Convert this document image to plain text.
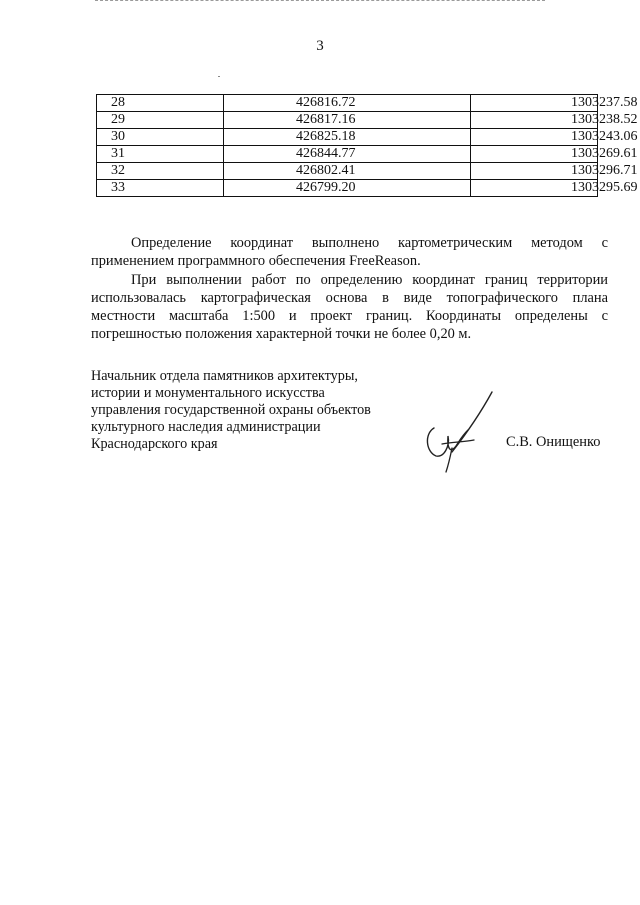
3
28	426816.72	1303237.58
29	426817.16	1303238.52
30	426825.18	1303243.06
31	426844.77	1303269.61
32	426802.41	1303296.71
33	426799.20	1303295.69

Определение координат выполнено картометрическим методом с применением программного обеспечения FreeReason.

При выполнении работ по определению координат границ территории использовалась картографическая основа в виде топографического плана местности масштаба 1:500 и проект границ. Координаты определены с погрешностью положения характерной точки не более 0,20 м.

Начальник отдела памятников архитектуры,
истории и монументального искусства
управления государственной охраны объектов
культурного наследия администрации
Краснодарского края	С.В. Онищенко
